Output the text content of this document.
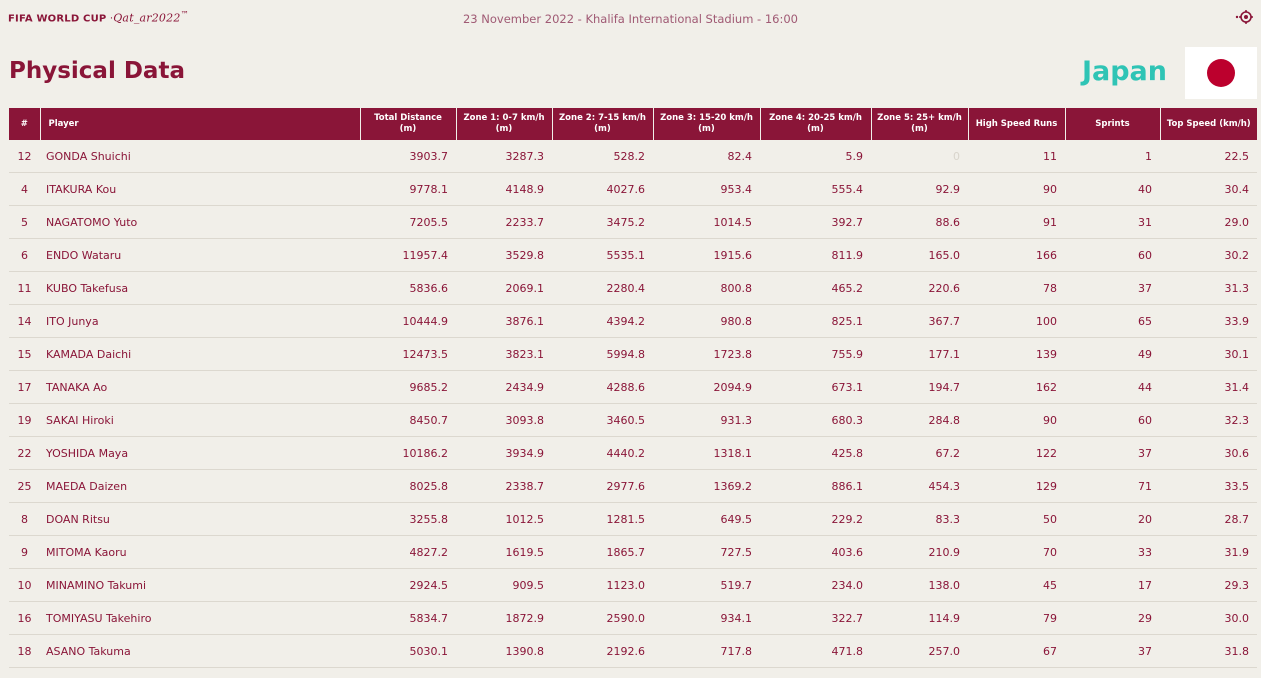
FIFA WORLD CUP ·Qat_ar2022™	23 November 2022 - Khalifa International Stadium - 16:00
Physical Data	Japan
#	Player	Total Distance (m)	Zone 1: 0-7 km/h (m)	Zone 2: 7-15 km/h (m)	Zone 3: 15-20 km/h (m)	Zone 4: 20-25 km/h (m)	Zone 5: 25+ km/h (m)	High Speed Runs	Sprints	Top Speed (km/h)
12	GONDA Shuichi	3903.7	3287.3	528.2	82.4	5.9	0	11	1	22.5
4	ITAKURA Kou	9778.1	4148.9	4027.6	953.4	555.4	92.9	90	40	30.4
5	NAGATOMO Yuto	7205.5	2233.7	3475.2	1014.5	392.7	88.6	91	31	29.0
6	ENDO Wataru	11957.4	3529.8	5535.1	1915.6	811.9	165.0	166	60	30.2
11	KUBO Takefusa	5836.6	2069.1	2280.4	800.8	465.2	220.6	78	37	31.3
14	ITO Junya	10444.9	3876.1	4394.2	980.8	825.1	367.7	100	65	33.9
15	KAMADA Daichi	12473.5	3823.1	5994.8	1723.8	755.9	177.1	139	49	30.1
17	TANAKA Ao	9685.2	2434.9	4288.6	2094.9	673.1	194.7	162	44	31.4
19	SAKAI Hiroki	8450.7	3093.8	3460.5	931.3	680.3	284.8	90	60	32.3
22	YOSHIDA Maya	10186.2	3934.9	4440.2	1318.1	425.8	67.2	122	37	30.6
25	MAEDA Daizen	8025.8	2338.7	2977.6	1369.2	886.1	454.3	129	71	33.5
8	DOAN Ritsu	3255.8	1012.5	1281.5	649.5	229.2	83.3	50	20	28.7
9	MITOMA Kaoru	4827.2	1619.5	1865.7	727.5	403.6	210.9	70	33	31.9
10	MINAMINO Takumi	2924.5	909.5	1123.0	519.7	234.0	138.0	45	17	29.3
16	TOMIYASU Takehiro	5834.7	1872.9	2590.0	934.1	322.7	114.9	79	29	30.0
18	ASANO Takuma	5030.1	1390.8	2192.6	717.8	471.8	257.0	67	37	31.8
